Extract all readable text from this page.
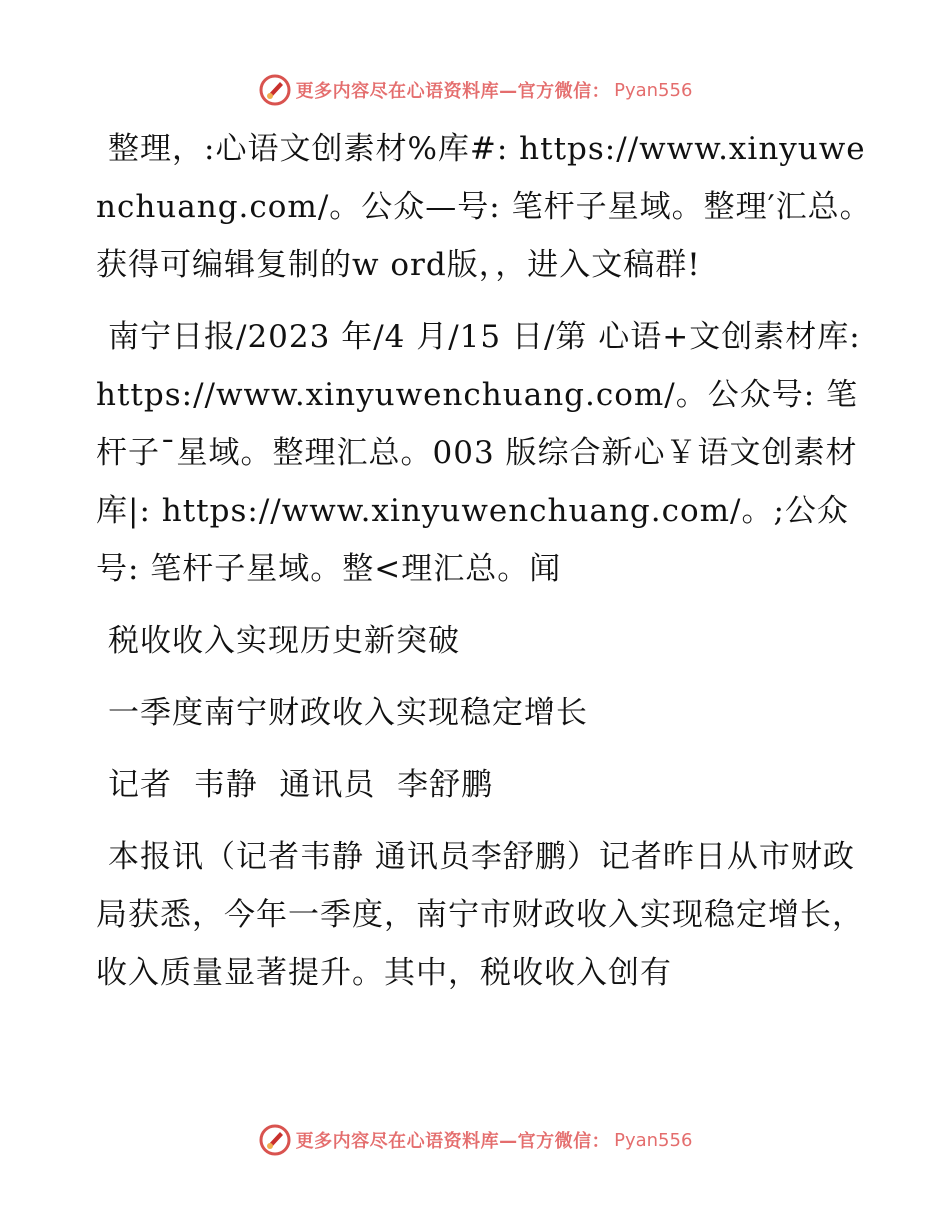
更多内容尽在心语资料库—官方微信： Pyan556

整理，:心语文创素材%库#: https://www.xinyuwenchuang.com/。公众—号: 笔杆子星域。整理′汇总。获得可编辑复制的w ord版，，进入文稿群!

南宁日报/2023 年/4 月/15 日/第 心语+文创素材库: https://www.xinyuwenchuang.com/。公众号: 笔杆子¯星域。整理汇总。003 版综合新心￥语文创素材库|: https://www.xinyuwenchuang.com/。;公众号: 笔杆子星域。整<理汇总。闻

税收收入实现历史新突破

一季度南宁财政收入实现稳定增长

记者  韦静  通讯员  李舒鹏

本报讯（记者韦静 通讯员李舒鹏）记者昨日从市财政局获悉，今年一季度，南宁市财政收入实现稳定增长，收入质量显著提升。其中，税收收入创有

更多内容尽在心语资料库—官方微信： Pyan556
